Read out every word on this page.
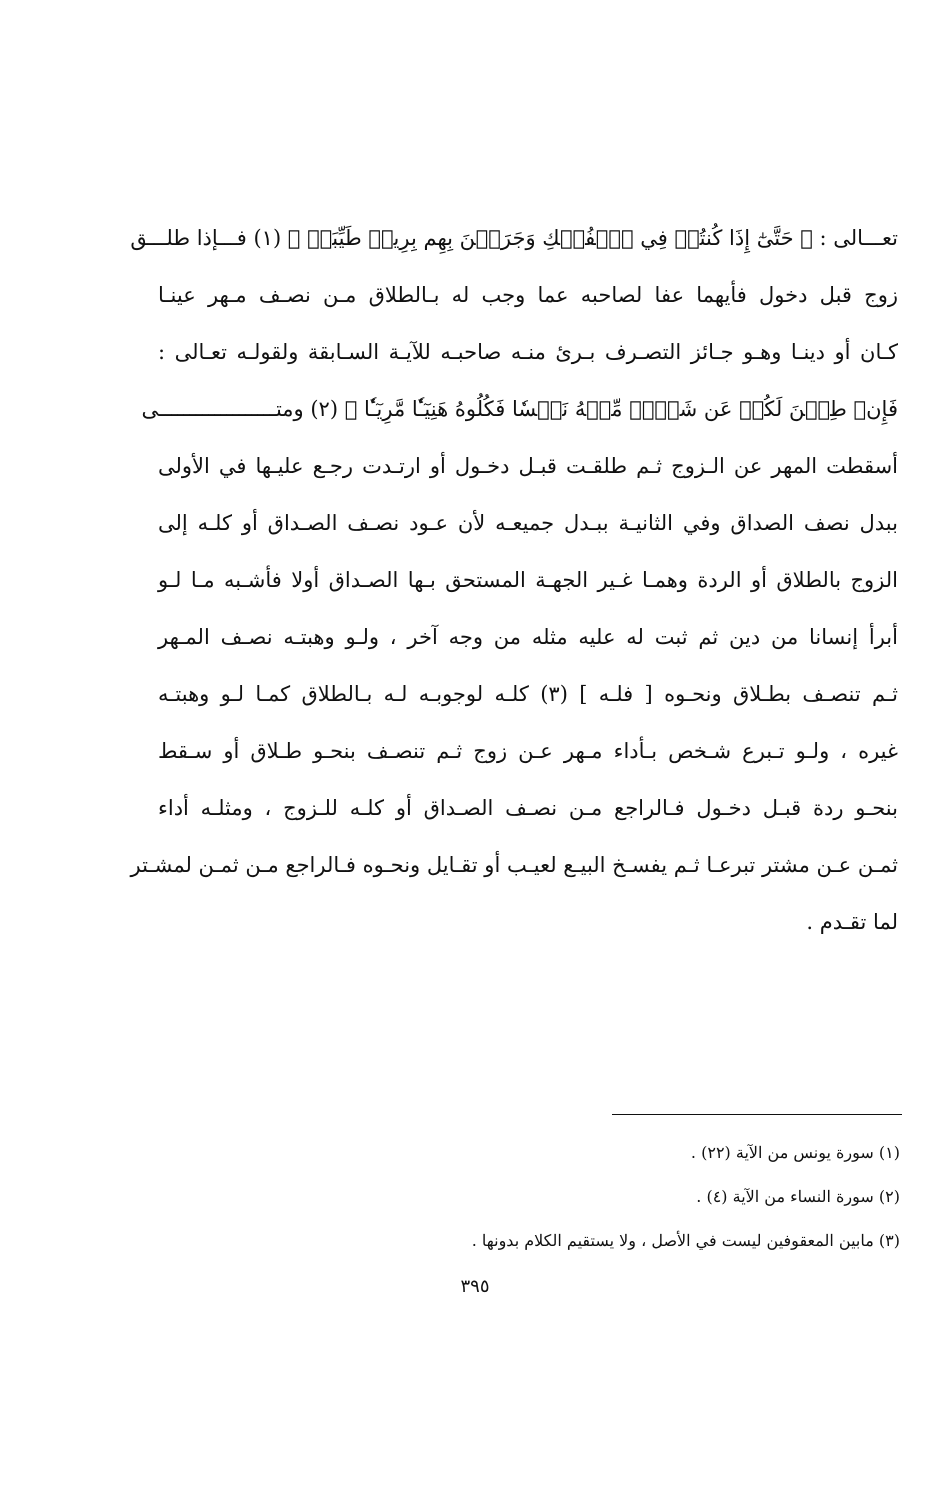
تعـــالى : ﴿ حَتَّىٰٓ إِذَا كُنتُمۡ فِي ٱلۡفُلۡكِ وَجَرَيۡنَ بِهِم بِرِيحٖ طَيِّبَةٖ ﴾ (١) فـــإذا طلـــق
زوج قبل دخول فأيهما عفا لصاحبه عما وجب له بـالطلاق مـن نصـف مـهر عينـا
كـان أو دينـا وهـو جـائز التصـرف بـرئ منـه صاحبـه للآيـة السـابقة ولقولـه تعـالى :
فَإِن﴿ طِبۡنَ لَكُمۡ عَن شَيۡءٖ مِّنۡهُ نَفۡسٗا فَكُلُوهُ هَنِيٓـٔٗا مَّرِيٓـٔٗا ﴾ (٢) ومتـــــــــــــــــــى
أسقطت المهر عن الـزوج ثـم طلقـت قبـل دخـول أو ارتـدت رجـع عليـها في الأولى
ببدل نصف الصداق وفي الثانيـة ببـدل جميعـه لأن عـود نصـف الصـداق أو كلـه إلى
الزوج بالطلاق أو الردة وهمـا غـير الجهـة المستحق بـها الصـداق أولا فأشـبه مـا لـو
أبرأ إنسانا من دين ثم ثبت له عليه مثله من وجه آخر ، ولـو وهبتـه نصـف المـهر
ثـم تنصـف بطـلاق ونحـوه [ فلـه ] (٣) كلـه لوجوبـه لـه بـالطلاق كمـا لـو وهبتـه
غيره ، ولـو تـبرع شـخص بـأداء مـهر عـن زوج ثـم تنصـف بنحـو طـلاق أو سـقط
بنحـو ردة قبـل دخـول فـالراجع مـن نصـف الصـداق أو كلـه للـزوج ، ومثلـه أداء
ثمـن عـن مشتر تبرعـا ثـم يفسـخ البيـع لعيـب أو تقـايل ونحـوه فـالراجع مـن ثمـن لمشـتر
لما تقـدم .
(١) سورة يونس من الآية (٢٢) .
(٢) سورة النساء من الآية (٤) .
(٣) مابين المعقوفين ليست في الأصل ، ولا يستقيم الكلام بدونها .
٣٩٥
